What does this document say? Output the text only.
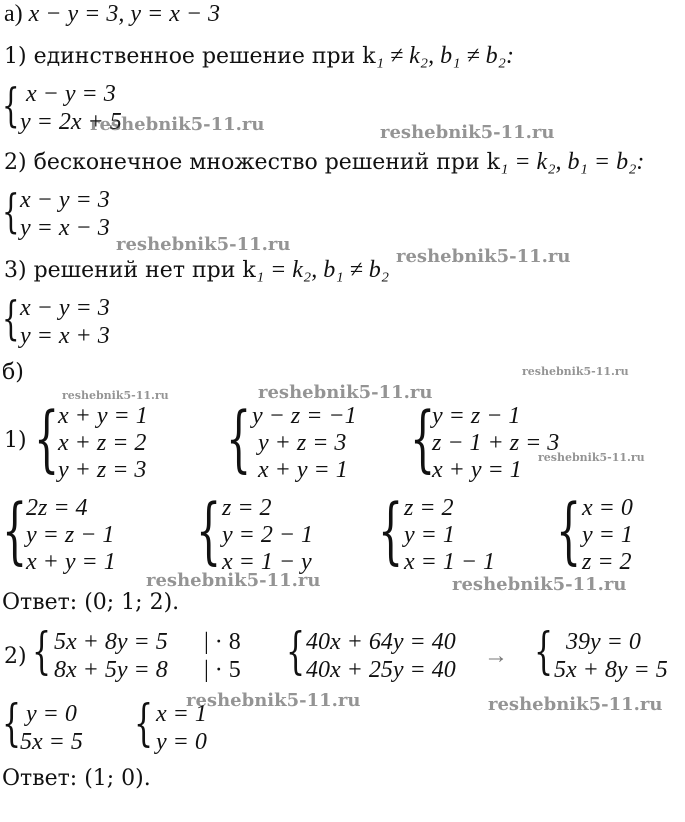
а) x − y = 3, y = x − 3
1) единственное решение при k₁ ≠ k₂, b₁ ≠ b₂:
{ x − y = 3
y = 2x + 5
2) бесконечное множество решений при k₁ = k₂, b₁ = b₂:
{ x − y = 3
y = x − 3
3) решений нет при k₁ = k₂, b₁ ≠ b₂
{ x − y = 3
y = x + 3
б)
1) {
x + y = 1
x + z = 2
y + z = 3 { y − z = −1
y + z = 3
x + y = 1 {
y = z − 1
z − 1 + z = 3
x + y = 1
{
2z = 4
y = z − 1
x + y = 1 { z = 2
y = 2 − 1
x = 1 − y { z = 2
y = 1
x = 1 − 1 { x = 0
y = 1
z = 2
Ответ: (0; 1; 2).
2) { 5x + 8y = 5
8x + 5y = 8
| · 8
| · 5 { 40x + 64y = 40
40x + 25y = 40
→ { 39y = 0
5x + 8y = 5
{ y = 0
5x = 5 { x = 1
y = 0
Ответ: (1; 0).
reshebnik5-11.ru	reshebnik5-11.ru
reshebnik5-11.ru
reshebnik5-11.ru
reshebnik5-11.ru
reshebnik5-11.ru	reshebnik5-11.ru
reshebnik5-11.ru
reshebnik5-11.ru	reshebnik5-11.ru
reshebnik5-11.ru	reshebnik5-11.ru
